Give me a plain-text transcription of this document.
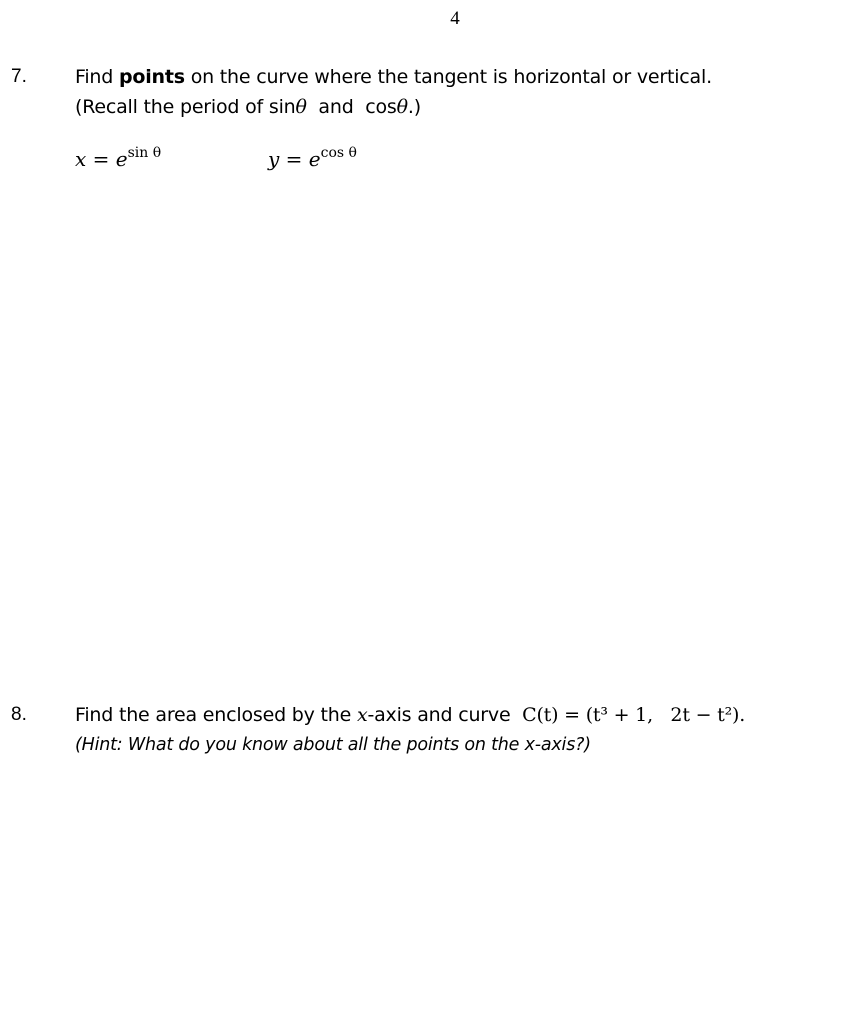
4
7.	Find points on the curve where the tangent is horizontal or vertical.
(Recall the period of sinθ  and  cosθ.)
$x = e^{sin \theta}$	$y = e^{cos \theta}$
8.	Find the area enclosed by the x-axis and curve  C(t) = (t³ + 1,   2t − t²).
(Hint: What do you know about all the points on the x-axis?)
